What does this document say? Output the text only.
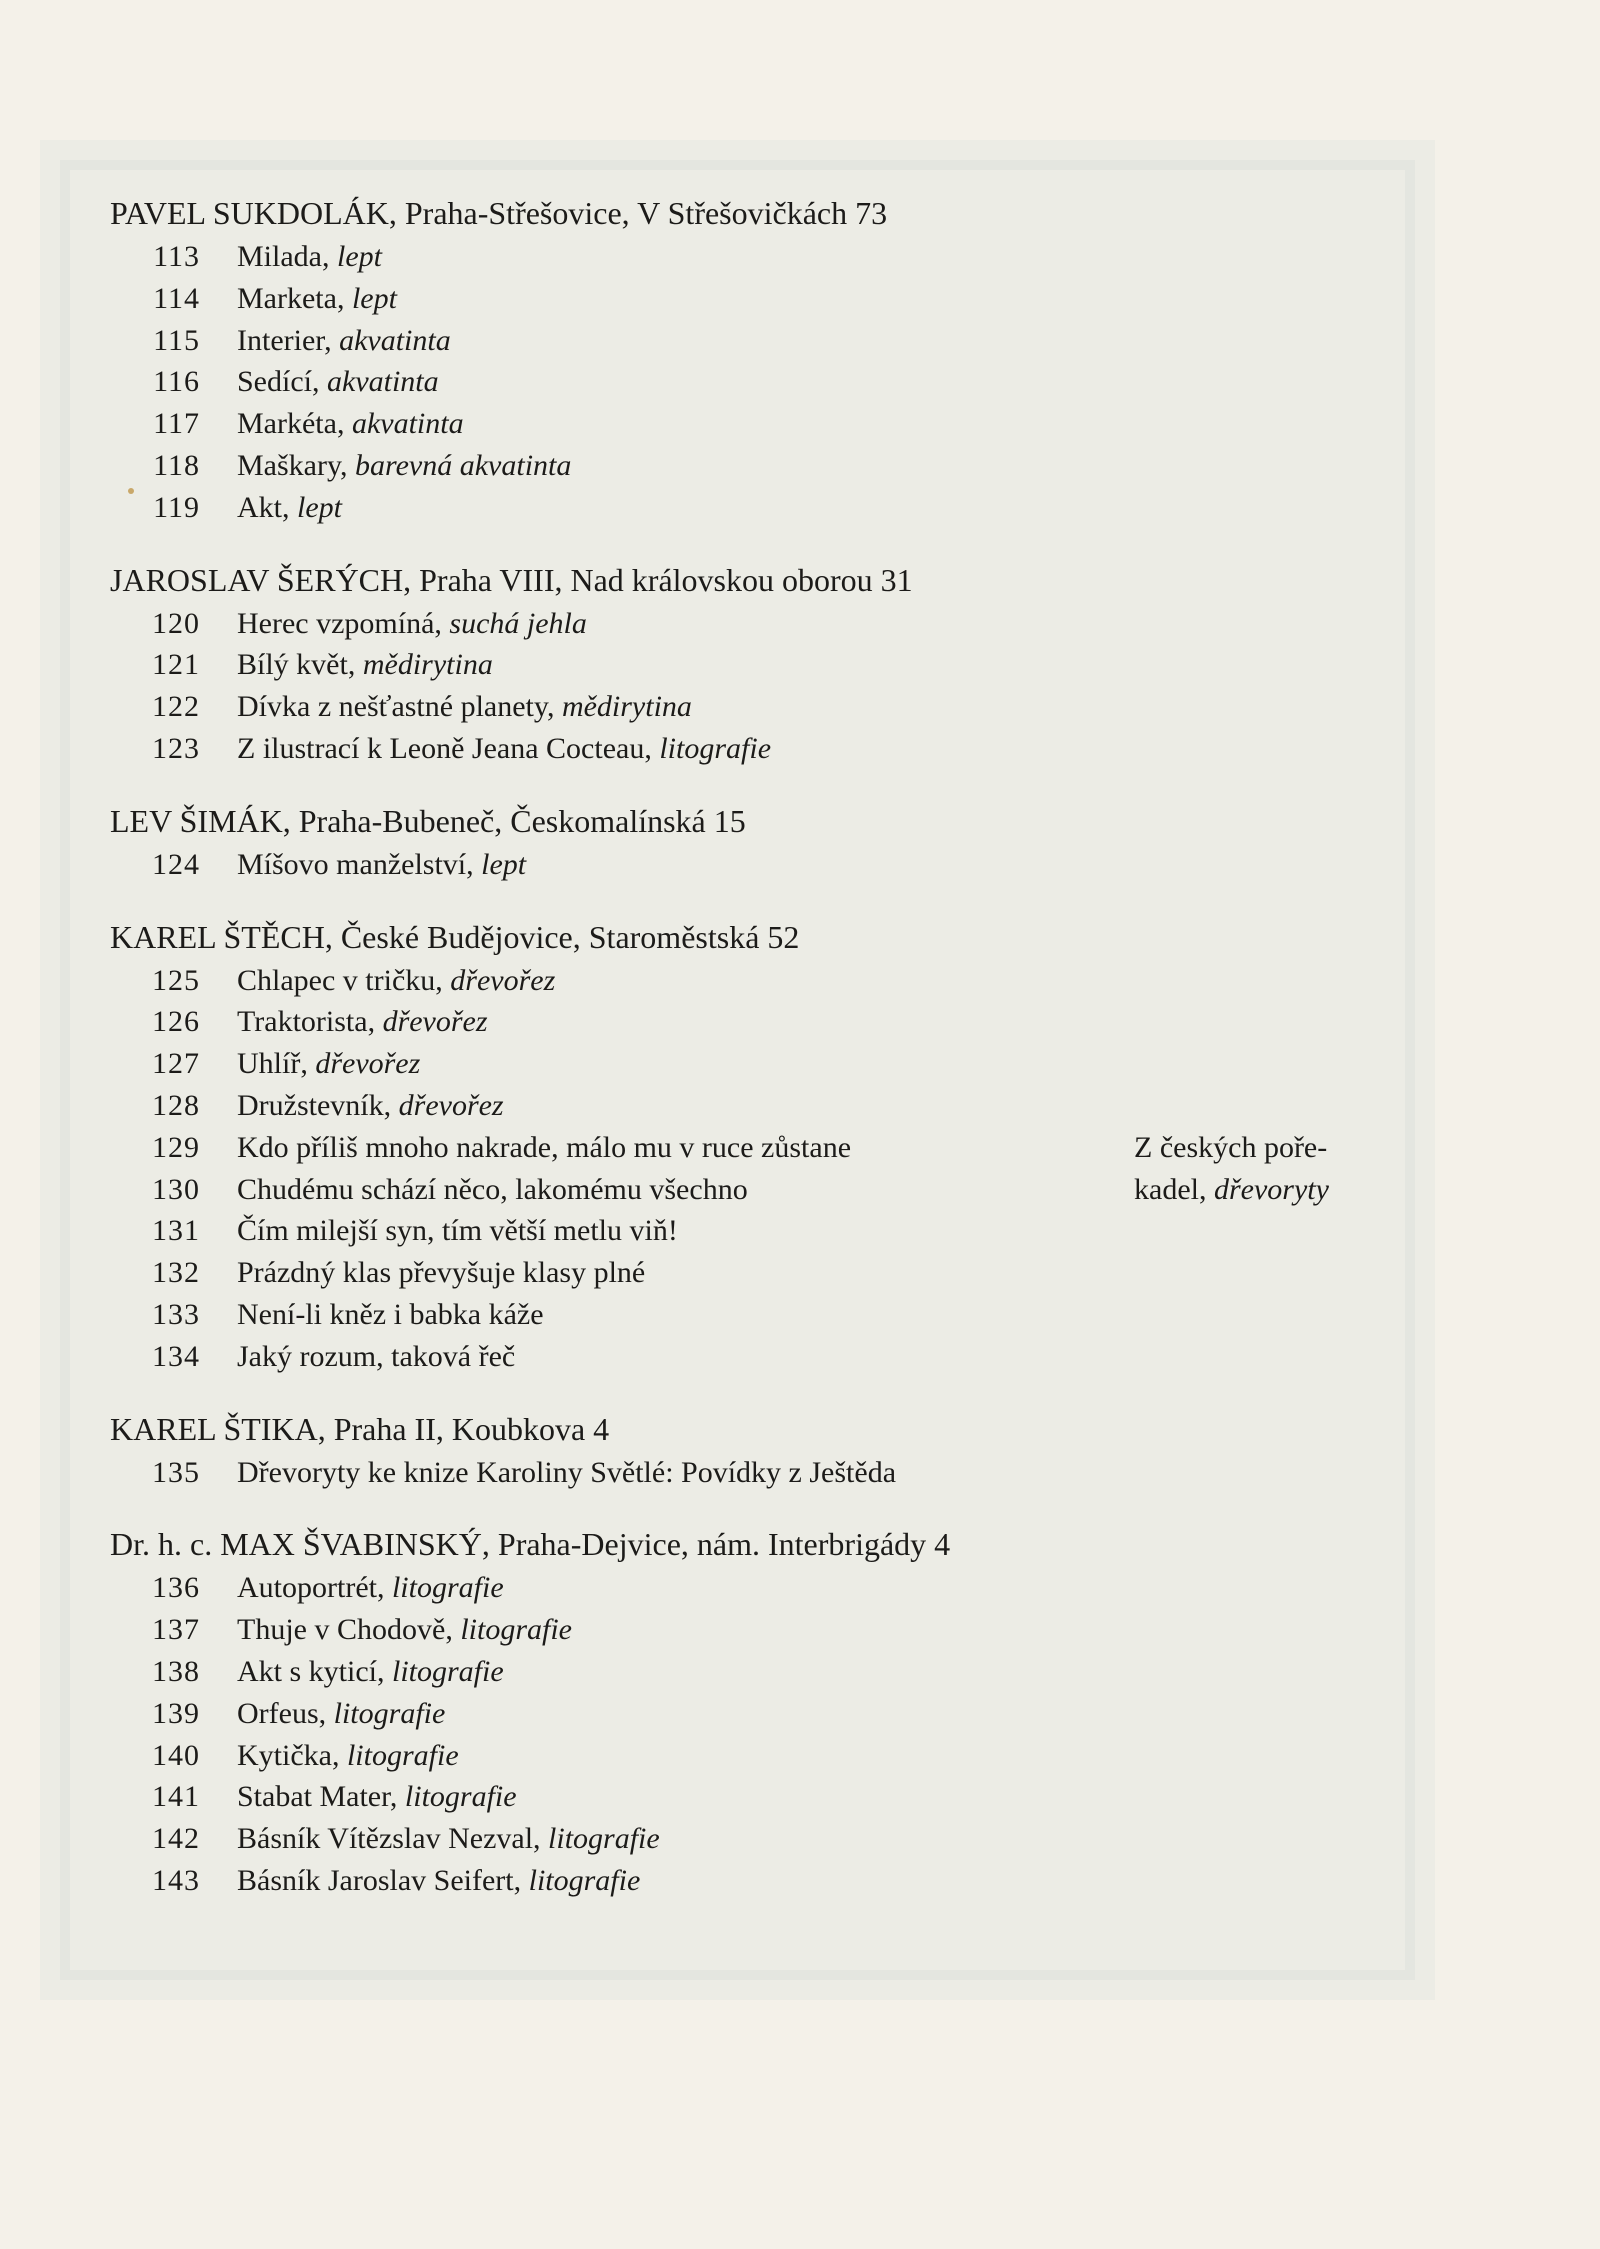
PAVEL SUKDOLÁK, Praha-Střešovice, V Střešovičkách 73
113 Milada, lept
114 Marketa, lept
115 Interier, akvatinta
116 Sedící, akvatinta
117 Markéta, akvatinta
118 Maškary, barevná akvatinta
119 Akt, lept
JAROSLAV ŠERÝCH, Praha VIII, Nad královskou oborou 31
120 Herec vzpomíná, suchá jehla
121 Bílý květ, mědirytina
122 Dívka z nešťastné planety, mědirytina
123 Z ilustrací k Leoně Jeana Cocteau, litografie
LEV ŠIMÁK, Praha-Bubeneč, Českomalínská 15
124 Míšovo manželství, lept
KAREL ŠTĚCH, České Budějovice, Staroměstská 52
125 Chlapec v tričku, dřevořez
126 Traktorista, dřevořez
127 Uhlíř, dřevořez
128 Družstevník, dřevořez
Z českých poře-
kadel, dřevoryty
129 Kdo příliš mnoho nakrade, málo mu v ruce zůstane
130 Chudému schází něco, lakomému všechno
131 Čím milejší syn, tím větší metlu viň!
132 Prázdný klas převyšuje klasy plné
133 Není-li kněz i babka káže
134 Jaký rozum, taková řeč
KAREL ŠTIKA, Praha II, Koubkova 4
135 Dřevoryty ke knize Karoliny Světlé: Povídky z Ještěda
Dr. h. c. MAX ŠVABINSKÝ, Praha-Dejvice, nám. Interbrigády 4
136 Autoportrét, litografie
137 Thuje v Chodově, litografie
138 Akt s kyticí, litografie
139 Orfeus, litografie
140 Kytička, litografie
141 Stabat Mater, litografie
142 Básník Vítězslav Nezval, litografie
143 Básník Jaroslav Seifert, litografie
